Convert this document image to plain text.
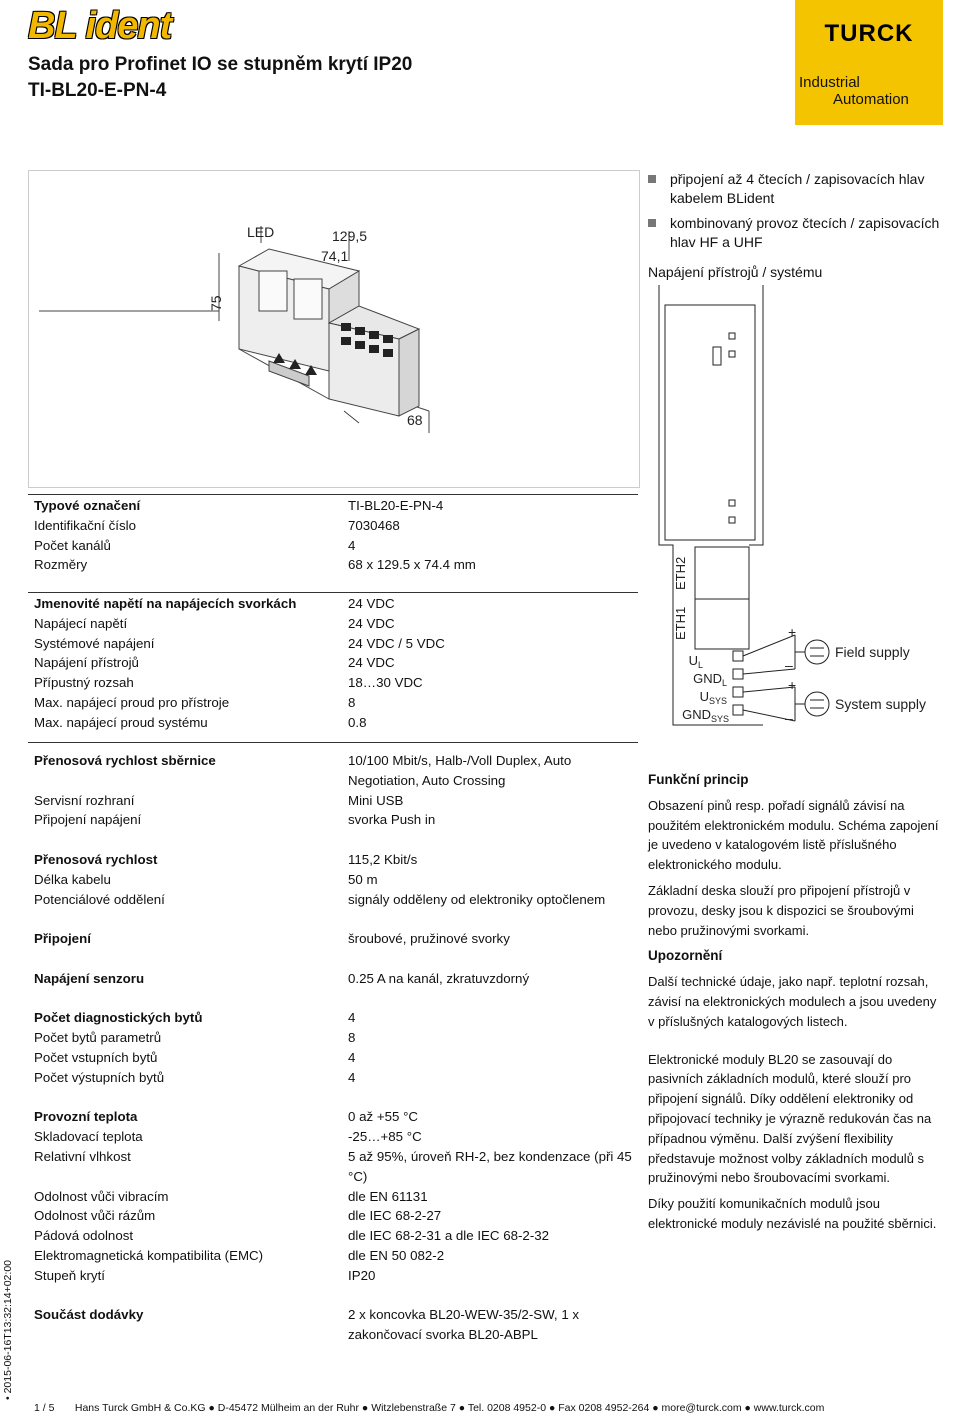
BL ident
Sada pro Profinet IO se stupněm krytí IP20
TI-BL20-E-PN-4
TURCK
Industrial
Automation
LED	129,5
74,1
68
75
připojení až 4 čtecích / zapisovacích hlav kabelem BLident
kombinovaný provoz čtecích / zapisovacích hlav HF a UHF
Napájení přístrojů / systému
ETH1
ETH2
$U_L$
$GND_L$
$U_{SYS}$
$GND_{SYS}$
+
–
+
–
Field supply
System supply
Typové označení	TI-BL20-E-PN-4
Identifikační číslo	7030468
Počet kanálů	4
Rozměry	68 x 129.5 x 74.4 mm
Jmenovité napětí na napájecích svorkách	24 VDC
Napájecí napětí	24 VDC
Systémové napájení	24 VDC / 5 VDC
Napájení přístrojů	24 VDC
Přípustný rozsah	18…30 VDC
Max. napájecí proud pro přístroje	8
Max. napájecí proud systému	0.8
Přenosová rychlost sběrnice	10/100 Mbit/s, Halb-/Voll Duplex, Auto Negotiation, Auto Crossing
Servisní rozhraní	Mini USB
Připojení napájení	svorka Push in
Přenosová rychlost	115,2 Kbit/s
Délka kabelu	50 m
Potenciálové oddělení	signály odděleny od elektroniky optočlenem
Připojení	šroubové, pružinové svorky
Napájení senzoru	0.25 A na kanál, zkratuvzdorný
Počet diagnostických bytů	4
Počet bytů parametrů	8
Počet vstupních bytů	4
Počet výstupních bytů	4
Provozní teplota	0 až +55 °C
Skladovací teplota	-25…+85 °C
Relativní vlhkost	5 až 95%, úroveň RH-2, bez kondenzace (při 45 °C)
Odolnost vůči vibracím	dle EN 61131
Odolnost vůči rázům	dle IEC 68-2-27
Pádová odolnost	dle IEC 68-2-31 a dle IEC 68-2-32
Elektromagnetická kompatibilita (EMC)	dle EN 50 082-2
Stupeň krytí	IP20
Součást dodávky	2 x koncovka BL20-WEW-35/2-SW, 1 x zakončovací svorka BL20-ABPL

Funkční princip

Obsazení pinů resp. pořadí signálů závisí na použitém elektronickém modulu. Schéma zapojení je uvedeno v katalogovém listě příslušného elektronického modulu.

Základní deska slouží pro připojení přístrojů v provozu, desky jsou k dispozici se šroubovými nebo pružinovými svorkami.

Upozornění

Další technické údaje, jako např. teplotní rozsah, závisí na elektronických modulech a jsou uvedeny v příslušných katalogových listech.

Elektronické moduly BL20 se zasouvají do pasivních základních modulů, které slouží pro připojení signálů. Díky oddělení elektroniky od připojovací techniky je výrazně redukován čas na případnou výměnu. Další zvýšení flexibility představuje možnost volby základních modulů s pružinovými nebo šroubovacími svorkami.

Díky použití komunikačních modulů jsou elektronické moduly nezávislé na použité sběrnici.

• 2015-06-16T13:32:14+02:00
1 / 5 Hans Turck GmbH & Co.KG ● D-45472 Mülheim an der Ruhr ● Witzlebenstraße 7 ● Tel. 0208 4952-0 ● Fax 0208 4952-264 ● more@turck.com ● www.turck.com
